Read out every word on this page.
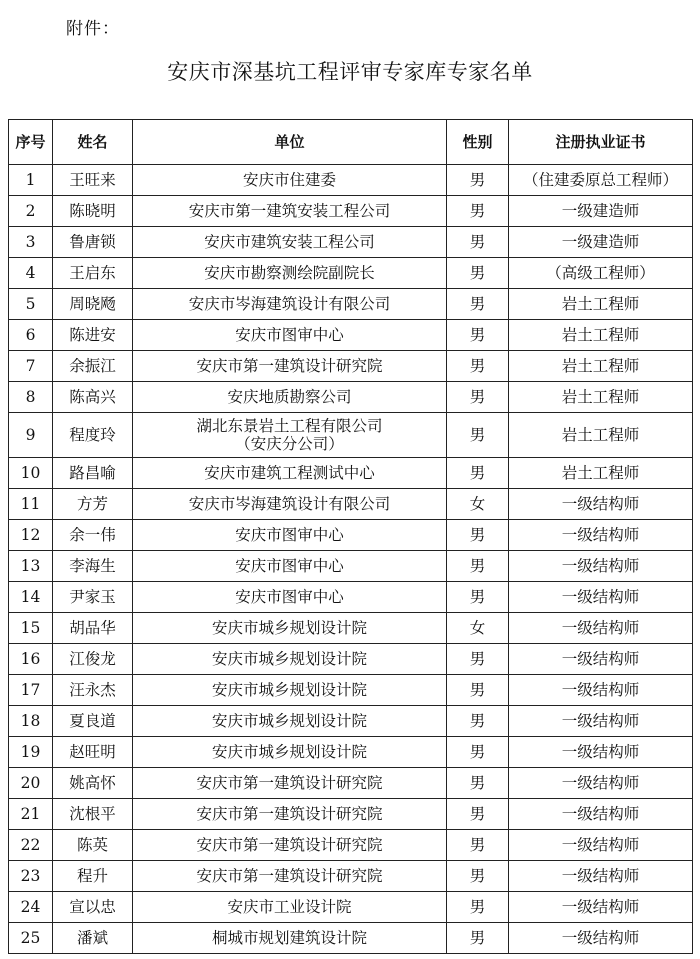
附件：
安庆市深基坑工程评审专家库专家名单
序号	姓名	单位	性别	注册执业证书
1	王旺来	安庆市住建委	男	（住建委原总工程师）
2	陈晓明	安庆市第一建筑安装工程公司	男	一级建造师
3	鲁唐锁	安庆市建筑安装工程公司	男	一级建造师
4	王启东	安庆市勘察测绘院副院长	男	（高级工程师）
5	周晓飏	安庆市岑海建筑设计有限公司	男	岩土工程师
6	陈进安	安庆市图审中心	男	岩土工程师
7	余振江	安庆市第一建筑设计研究院	男	岩土工程师
8	陈高兴	安庆地质勘察公司	男	岩土工程师
9	程度玲	湖北东景岩土工程有限公司
（安庆分公司）	男	岩土工程师
10	路昌喻	安庆市建筑工程测试中心	男	岩土工程师
11	方芳	安庆市岑海建筑设计有限公司	女	一级结构师
12	余一伟	安庆市图审中心	男	一级结构师
13	李海生	安庆市图审中心	男	一级结构师
14	尹家玉	安庆市图审中心	男	一级结构师
15	胡品华	安庆市城乡规划设计院	女	一级结构师
16	江俊龙	安庆市城乡规划设计院	男	一级结构师
17	汪永杰	安庆市城乡规划设计院	男	一级结构师
18	夏良道	安庆市城乡规划设计院	男	一级结构师
19	赵旺明	安庆市城乡规划设计院	男	一级结构师
20	姚高怀	安庆市第一建筑设计研究院	男	一级结构师
21	沈根平	安庆市第一建筑设计研究院	男	一级结构师
22	陈英	安庆市第一建筑设计研究院	男	一级结构师
23	程升	安庆市第一建筑设计研究院	男	一级结构师
24	宣以忠	安庆市工业设计院	男	一级结构师
25	潘斌	桐城市规划建筑设计院	男	一级结构师
